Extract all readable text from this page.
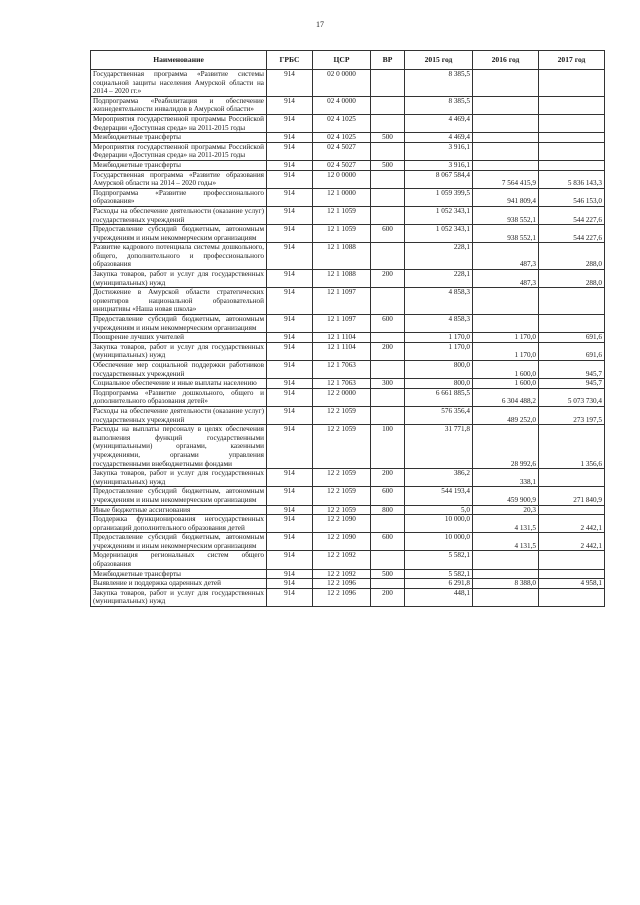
17
Наименование	ГРБС	ЦСР	ВР	2015 год	2016 год	2017 год
Государственная программа «Развитие системы социальной защиты населения Амурской области на 2014 – 2020 гг.»	914	02 0 0000		8 385,5		
Подпрограмма «Реабилитация и обеспечение жизнедеятельности инвалидов в Амурской области»	914	02 4 0000		8 385,5		
Мероприятия государственной программы Российской Федерации «Доступная среда» на 2011-2015 годы	914	02 4 1025		4 469,4		
Межбюджетные трансферты	914	02 4 1025	500	4 469,4		
Мероприятия государственной программы Российской Федерации «Доступная среда» на 2011-2015 годы	914	02 4 5027		3 916,1		
Межбюджетные трансферты	914	02 4 5027	500	3 916,1		
Государственная программа «Развитие образования Амурской области на 2014 – 2020 годы»	914	12 0 0000		8 067 584,4	7 564 415,9	5 836 143,3
Подпрограмма «Развитие профессионального образования»	914	12 1 0000		1 059 399,5	941 809,4	546 153,0
Расходы на обеспечение деятельности (оказание услуг) государственных учреждений	914	12 1 1059		1 052 343,1	938 552,1	544 227,6
Предоставление субсидий бюджетным, автономным учреждениям и иным некоммерческим организациям	914	12 1 1059	600	1 052 343,1	938 552,1	544 227,6
Развитие кадрового потенциала системы дошкольного, общего, дополнительного и профессионального образования	914	12 1 1088		228,1	487,3	288,0
Закупка товаров, работ и услуг для государственных (муниципальных) нужд	914	12 1 1088	200	228,1	487,3	288,0
Достижение в Амурской области стратегических ориентиров национальной образовательной инициативы «Наша новая школа»	914	12 1 1097		4 858,3		
Предоставление субсидий бюджетным, автономным учреждениям и иным некоммерческим организациям	914	12 1 1097	600	4 858,3		
Поощрение лучших учителей	914	12 1 1104		1 170,0	1 170,0	691,6
Закупка товаров, работ и услуг для государственных (муниципальных) нужд	914	12 1 1104	200	1 170,0	1 170,0	691,6
Обеспечение мер социальной поддержки работников государственных учреждений	914	12 1 7063		800,0	1 600,0	945,7
Социальное обеспечение и иные выплаты населению	914	12 1 7063	300	800,0	1 600,0	945,7
Подпрограмма «Развитие дошкольного, общего и дополнительного образования детей»	914	12 2 0000		6 661 885,5	6 304 488,2	5 073 730,4
Расходы на обеспечение деятельности (оказание услуг) государственных учреждений	914	12 2 1059		576 356,4	489 252,0	273 197,5
Расходы на выплаты персоналу в целях обеспечения выполнения функций государственными (муниципальными) органами, казенными учреждениями, органами управления государственными внебюджетными фондами	914	12 2 1059	100	31 771,8	28 992,6	1 356,6
Закупка товаров, работ и услуг для государственных (муниципальных) нужд	914	12 2 1059	200	386,2	338,1	
Предоставление субсидий бюджетным, автономным учреждениям и иным некоммерческим организациям	914	12 2 1059	600	544 193,4	459 900,9	271 840,9
Иные бюджетные ассигнования	914	12 2 1059	800	5,0	20,3	
Поддержка функционирования негосударственных организаций дополнительного образования детей	914	12 2 1090		10 000,0	4 131,5	2 442,1
Предоставление субсидий бюджетным, автономным учреждениям и иным некоммерческим организациям	914	12 2 1090	600	10 000,0	4 131,5	2 442,1
Модернизация региональных систем общего образования	914	12 2 1092		5 582,1		
Межбюджетные трансферты	914	12 2 1092	500	5 582,1		
Выявление и поддержка одаренных детей	914	12 2 1096		6 291,8	8 388,0	4 958,1
Закупка товаров, работ и услуг для государственных (муниципальных) нужд	914	12 2 1096	200	448,1		
